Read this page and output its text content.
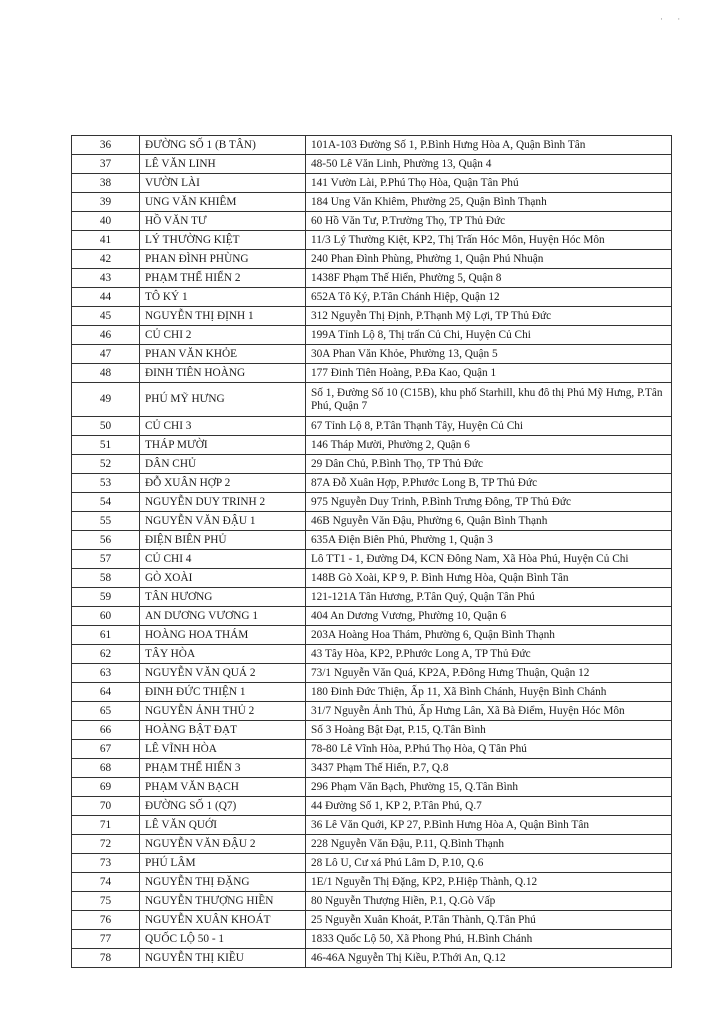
· ·
36	ĐƯỜNG SỐ 1 (B TÂN)	101A-103 Đường Số 1, P.Bình Hưng Hòa A, Quận Bình Tân
37	LÊ VĂN LINH	48-50 Lê Văn Linh, Phường 13, Quận 4
38	VƯỜN LÀI	141 Vườn Lài, P.Phú Thọ Hòa, Quận Tân Phú
39	UNG VĂN KHIÊM	184 Ung Văn Khiêm, Phường 25, Quận Bình Thạnh
40	HỒ VĂN TƯ	60 Hồ Văn Tư, P.Trường Thọ, TP Thủ Đức
41	LÝ THƯỜNG KIỆT	11/3 Lý Thường Kiệt, KP2, Thị Trấn Hóc Môn, Huyện Hóc Môn
42	PHAN ĐÌNH PHÙNG	240 Phan Đình Phùng, Phường 1, Quận Phú Nhuận
43	PHẠM THẾ HIỂN 2	1438F Phạm Thế Hiển, Phường 5, Quận 8
44	TÔ KÝ 1	652A Tô Ký, P.Tân Chánh Hiệp, Quận 12
45	NGUYỄN THỊ ĐỊNH 1	312 Nguyễn Thị Định, P.Thạnh Mỹ Lợi, TP Thủ Đức
46	CỦ CHI 2	199A Tỉnh Lộ 8, Thị trấn Củ Chi, Huyện Củ Chi
47	PHAN VĂN KHỎE	30A Phan Văn Khỏe, Phường 13, Quận 5
48	ĐINH TIÊN HOÀNG	177 Đinh Tiên Hoàng, P.Đa Kao, Quận 1
49	PHÚ MỸ HƯNG	Số 1, Đường Số 10 (C15B), khu phố Starhill, khu đô thị Phú Mỹ Hưng, P.Tân Phú, Quận 7
50	CỦ CHI 3	67 Tỉnh Lộ 8, P.Tân Thạnh Tây, Huyện Củ Chi
51	THÁP MƯỜI	146 Tháp Mười, Phường 2, Quận 6
52	DÂN CHỦ	29 Dân Chủ, P.Bình Thọ, TP Thủ Đức
53	ĐỖ XUÂN HỢP 2	87A Đỗ Xuân Hợp, P.Phước Long B, TP Thủ Đức
54	NGUYỄN DUY TRINH 2	975 Nguyễn Duy Trinh, P.Bình Trưng Đông, TP Thủ Đức
55	NGUYỄN VĂN ĐẬU 1	46B Nguyễn Văn Đậu, Phường 6, Quận Bình Thạnh
56	ĐIỆN BIÊN PHỦ	635A Điện Biên Phủ, Phường 1, Quận 3
57	CỦ CHI 4	Lô TT1 - 1, Đường D4, KCN Đông Nam, Xã Hòa Phú, Huyện Củ Chi
58	GÒ XOÀI	148B Gò Xoài, KP 9, P. Bình Hưng Hòa, Quận Bình Tân
59	TÂN HƯƠNG	121-121A Tân Hương, P.Tân Quý, Quận Tân Phú
60	AN DƯƠNG VƯƠNG 1	404 An Dương Vương, Phường 10, Quận 6
61	HOÀNG HOA THÁM	203A Hoàng Hoa Thám, Phường 6, Quận Bình Thạnh
62	TÂY HÒA	43 Tây Hòa, KP2, P.Phước Long A, TP Thủ Đức
63	NGUYỄN VĂN QUÁ 2	73/1 Nguyễn Văn Quá, KP2A, P.Đông Hưng Thuận, Quận 12
64	ĐINH ĐỨC THIỆN 1	180 Đinh Đức Thiện, Ấp 11, Xã Bình Chánh, Huyện Bình Chánh
65	NGUYỄN ẢNH THỦ 2	31/7 Nguyễn Ảnh Thủ, Ấp Hưng Lân, Xã Bà Điểm, Huyện Hóc Môn
66	HOÀNG BẬT ĐẠT	Số 3 Hoàng Bật Đạt, P.15, Q.Tân Bình
67	LÊ VĨNH HÒA	78-80 Lê Vĩnh Hòa, P.Phú Thọ Hòa, Q Tân Phú
68	PHẠM THẾ HIỂN 3	3437 Phạm Thế Hiển, P.7, Q.8
69	PHẠM VĂN BẠCH	296 Phạm Văn Bạch, Phường 15, Q.Tân Bình
70	ĐƯỜNG SỐ 1 (Q7)	44 Đường Số 1, KP 2, P.Tân Phú, Q.7
71	LÊ VĂN QUỚI	36 Lê Văn Quới, KP 27, P.Bình Hưng Hòa A, Quận Bình Tân
72	NGUYỄN VĂN ĐẬU 2	228 Nguyễn Văn Đậu, P.11, Q.Bình Thạnh
73	PHÚ LÂM	28 Lô U, Cư xá Phú Lâm D, P.10, Q.6
74	NGUYỄN THỊ ĐẶNG	1E/1 Nguyễn Thị Đặng, KP2, P.Hiệp Thành, Q.12
75	NGUYỄN THƯỢNG HIỀN	80 Nguyễn Thượng Hiền, P.1, Q.Gò Vấp
76	NGUYỄN XUÂN KHOÁT	25 Nguyễn Xuân Khoát, P.Tân Thành, Q.Tân Phú
77	QUỐC LỘ 50 - 1	1833 Quốc Lộ 50, Xã Phong Phú, H.Bình Chánh
78	NGUYỄN THỊ KIỀU	46-46A Nguyễn Thị Kiều, P.Thới An, Q.12
